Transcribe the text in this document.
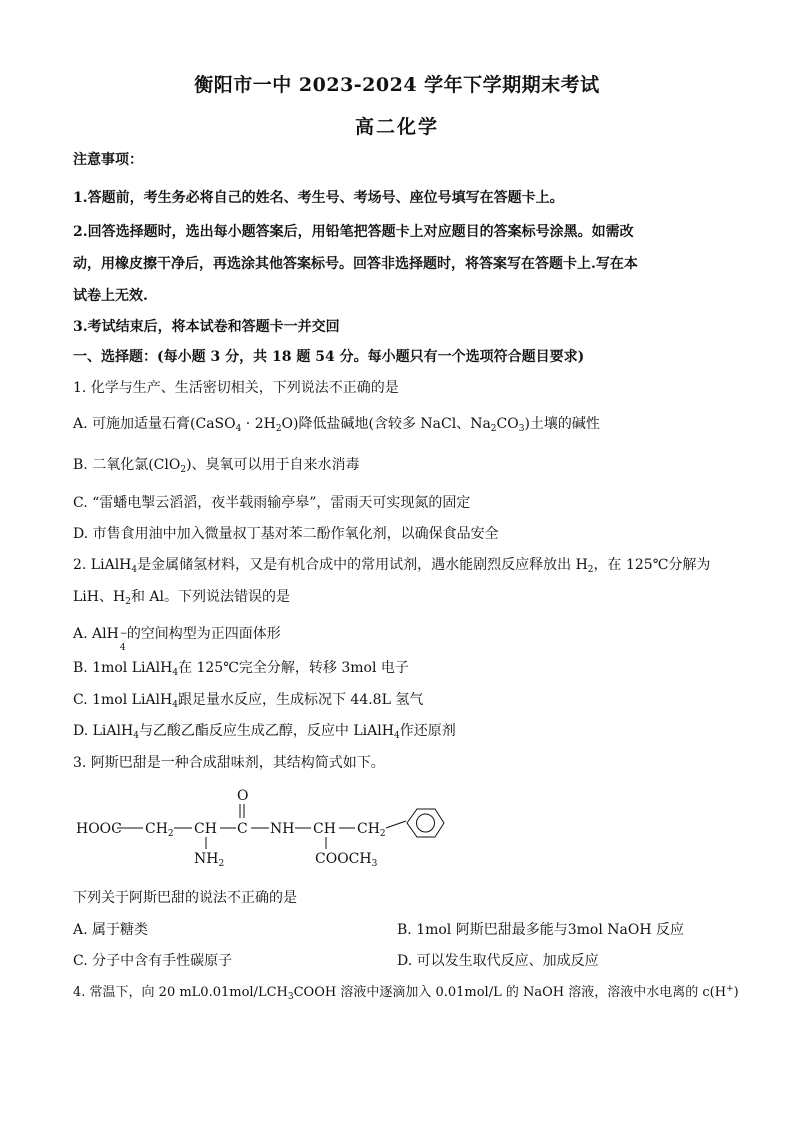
衡阳市一中 2023-2024 学年下学期期末考试
高二化学
注意事项：
1.答题前，考生务必将自己的姓名、考生号、考场号、座位号填写在答题卡上。
2.回答选择题时，选出每小题答案后，用铅笔把答题卡上对应题目的答案标号涂黑。如需改
动，用橡皮擦干净后，再选涂其他答案标号。回答非选择题时，将答案写在答题卡上.写在本
试卷上无效.
3.考试结束后，将本试卷和答题卡一并交回
一、选择题：(每小题 3 分，共 18 题 54 分。每小题只有一个选项符合题目要求)
1. 化学与生产、生活密切相关，下列说法不正确的是
A. 可施加适量石膏(CaSO$_4$ · $2H_2O$)降低盐碱地(含较多 NaCl、$Na_2CO_3$)土壤的碱性
B. 二氧化氯(ClO$_2$)、臭氧可以用于自来水消毒
C. “雷蟠电掣云滔滔，夜半载雨输亭皋”，雷雨天可实现氮的固定
D. 市售食用油中加入微量叔丁基对苯二酚作氧化剂，以确保食品安全
2. LiAlH$_4$是金属储氢材料，又是有机合成中的常用试剂，遇水能剧烈反应释放出 $H_2$，在 125℃分解为
LiH、$H_2$和 Al。下列说法错误的是
A. AlH −
4
的空间构型为正四面体形
B. 1mol LiAlH$_4$在 125℃完全分解，转移 3mol 电子
C. 1mol LiAlH$_4$跟足量水反应，生成标况下 44.8L 氢气
D. LiAlH$_4$与乙酸乙酯反应生成乙醇，反应中 LiAlH$_4$作还原剂
3. 阿斯巴甜是一种合成甜味剂，其结构简式如下。
HOOC $CH_2$ CH
$NH_2$
O
C NH CH
$COOCH_3$
$CH_2$
下列关于阿斯巴甜的说法不正确的是
A. 属于糖类	B. 1mol 阿斯巴甜最多能与3mol NaOH 反应
C. 分子中含有手性碳原子	D. 可以发生取代反应、加成反应
4. 常温下，向 20 $mL0.01mol/LCH_3COOH$ 溶液中逐滴加入 0.01mol/L 的 NaOH 溶液，溶液中水电离的 c(H+)
